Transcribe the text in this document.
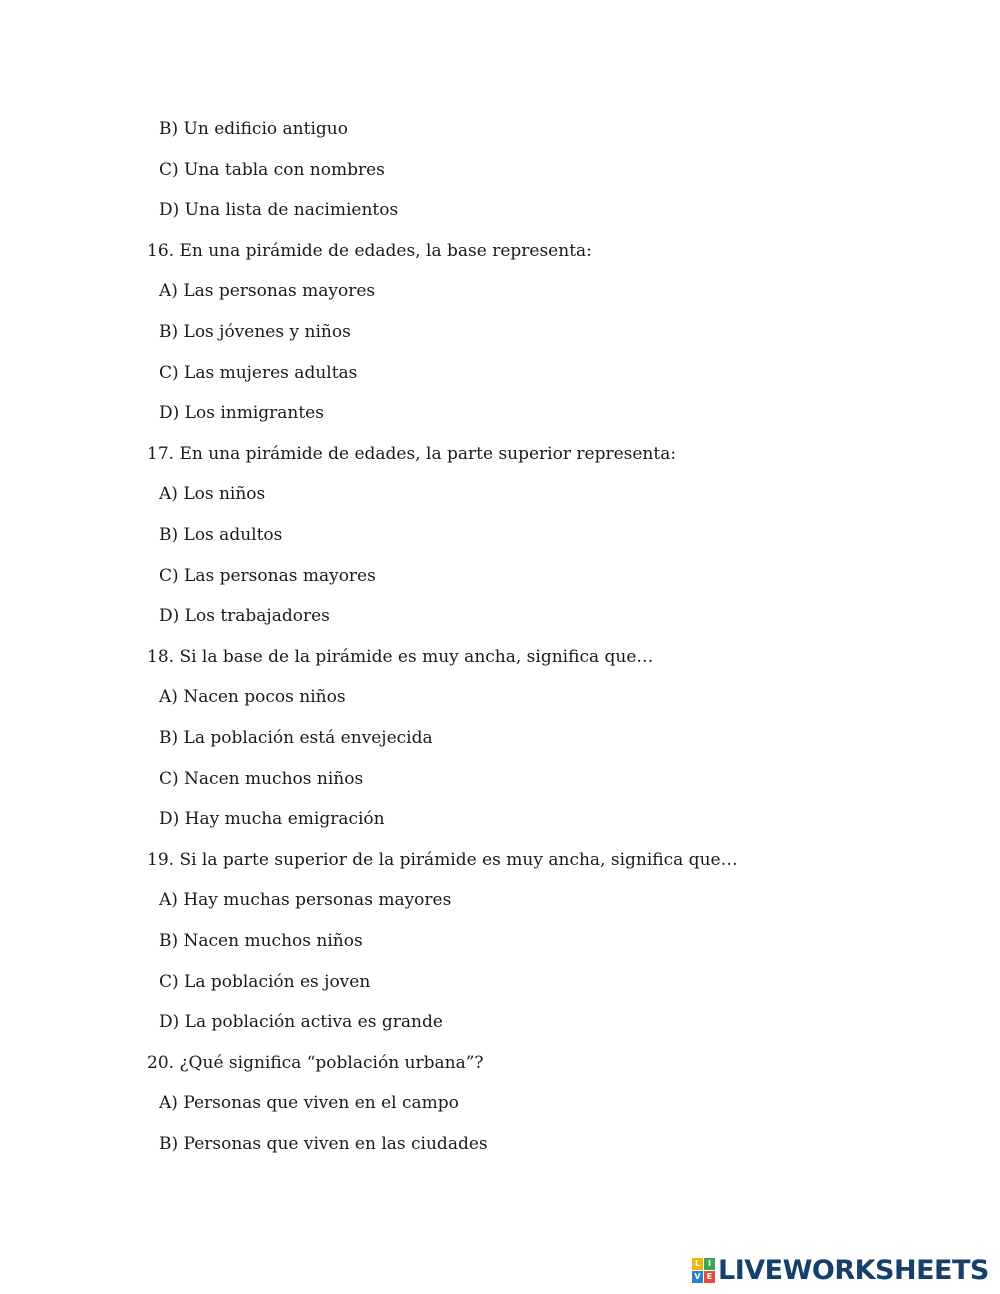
B) Un edificio antiguo
C) Una tabla con nombres
D) Una lista de nacimientos
16. En una pirámide de edades, la base representa:
A) Las personas mayores
B) Los jóvenes y niños
C) Las mujeres adultas
D) Los inmigrantes
17. En una pirámide de edades, la parte superior representa:
A) Los niños
B) Los adultos
C) Las personas mayores
D) Los trabajadores
18. Si la base de la pirámide es muy ancha, significa que…
A) Nacen pocos niños
B) La población está envejecida
C) Nacen muchos niños
D) Hay mucha emigración
19. Si la parte superior de la pirámide es muy ancha, significa que…
A) Hay muchas personas mayores
B) Nacen muchos niños
C) La población es joven
D) La población activa es grande
20. ¿Qué significa “población urbana”?
A) Personas que viven en el campo
B) Personas que viven en las ciudades
L I
V E LIVEWORKSHEETS
